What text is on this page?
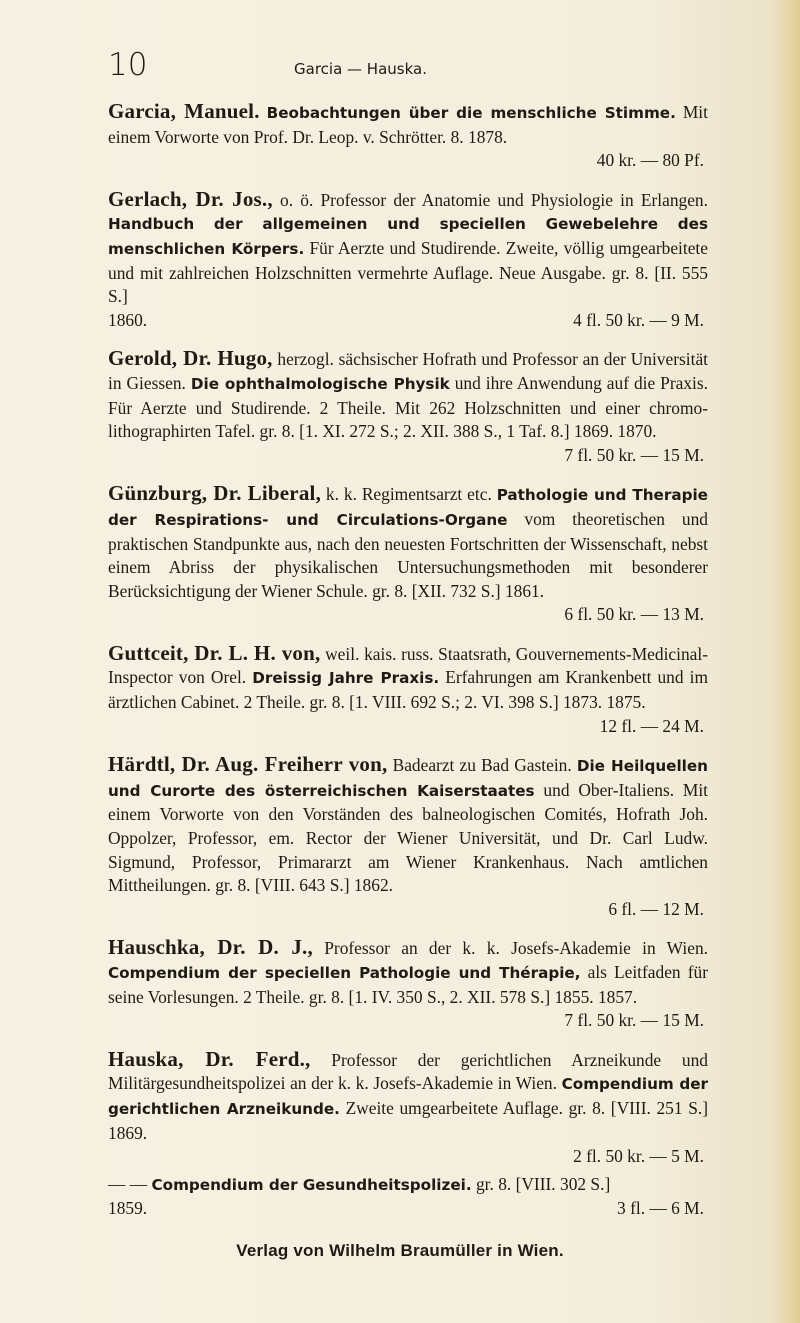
10	Garcia — Hauska.

Garcia, Manuel. Beobachtungen über die menschliche Stimme. Mit einem Vorworte von Prof. Dr. Leop. v. Schrötter. 8. 1878.

40 kr. — 80 Pf.

Gerlach, Dr. Jos., o. ö. Professor der Anatomie und Physiologie in Erlangen. Handbuch der allgemeinen und speciellen Gewebelehre des menschlichen Körpers. Für Aerzte und Studirende. Zweite, völlig umgearbeitete und mit zahlreichen Holzschnitten vermehrte Auflage. Neue Ausgabe. gr. 8. [II. 555 S.]

1860.	4 fl. 50 kr. — 9 M.

Gerold, Dr. Hugo, herzogl. sächsischer Hofrath und Professor an der Universität in Giessen. Die ophthalmologische Physik und ihre Anwendung auf die Praxis. Für Aerzte und Studirende. 2 Theile. Mit 262 Holzschnitten und einer chromo-lithographirten Tafel. gr. 8. [1. XI. 272 S.; 2. XII. 388 S., 1 Taf. 8.] 1869. 1870.

7 fl. 50 kr. — 15 M.

Günzburg, Dr. Liberal, k. k. Regimentsarzt etc. Pathologie und Therapie der Respirations- und Circulations-Organe vom theoretischen und praktischen Standpunkte aus, nach den neuesten Fortschritten der Wissenschaft, nebst einem Abriss der physikalischen Untersuchungsmethoden mit besonderer Berücksichtigung der Wiener Schule. gr. 8. [XII. 732 S.] 1861.

6 fl. 50 kr. — 13 M.

Guttceit, Dr. L. H. von, weil. kais. russ. Staatsrath, Gouvernements-Medicinal-Inspector von Orel. Dreissig Jahre Praxis. Erfahrungen am Krankenbett und im ärztlichen Cabinet. 2 Theile. gr. 8. [1. VIII. 692 S.; 2. VI. 398 S.] 1873. 1875.

12 fl. — 24 M.

Härdtl, Dr. Aug. Freiherr von, Badearzt zu Bad Gastein. Die Heilquellen und Curorte des österreichischen Kaiserstaates und Ober-Italiens. Mit einem Vorworte von den Vorständen des balneologischen Comités, Hofrath Joh. Oppolzer, Professor, em. Rector der Wiener Universität, und Dr. Carl Ludw. Sigmund, Professor, Primararzt am Wiener Krankenhaus. Nach amtlichen Mittheilungen. gr. 8. [VIII. 643 S.] 1862.

6 fl. — 12 M.

Hauschka, Dr. D. J., Professor an der k. k. Josefs-Akademie in Wien. Compendium der speciellen Pathologie und Thérapie, als Leitfaden für seine Vorlesungen. 2 Theile. gr. 8. [1. IV. 350 S., 2. XII. 578 S.] 1855. 1857.

7 fl. 50 kr. — 15 M.

Hauska, Dr. Ferd., Professor der gerichtlichen Arzneikunde und Militärgesundheitspolizei an der k. k. Josefs-Akademie in Wien. Compendium der gerichtlichen Arzneikunde. Zweite umgearbeitete Auflage. gr. 8. [VIII. 251 S.] 1869.

2 fl. 50 kr. — 5 M.

— — Compendium der Gesundheitspolizei. gr. 8. [VIII. 302 S.]

1859.	3 fl. — 6 M.
Verlag von Wilhelm Braumüller in Wien.
